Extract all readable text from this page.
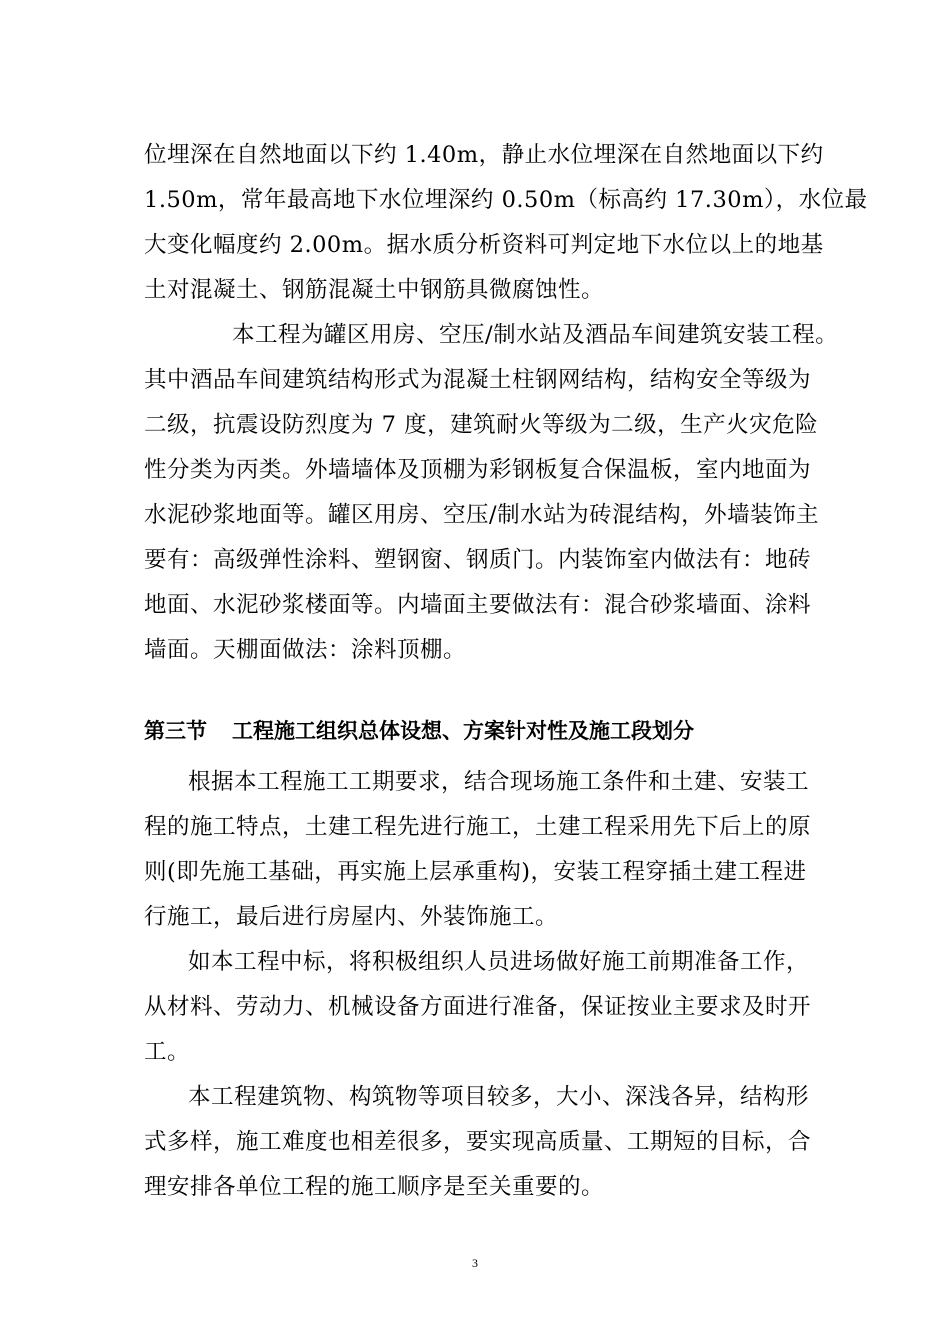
位埋深在自然地面以下约 1.40m，静止水位埋深在自然地面以下约
1.50m，常年最高地下水位埋深约 0.50m（标高约 17.30m），水位最
大变化幅度约 2.00m。据水质分析资料可判定地下水位以上的地基
土对混凝土、钢筋混凝土中钢筋具微腐蚀性。

本工程为罐区用房、空压/制水站及酒品车间建筑安装工程。
其中酒品车间建筑结构形式为混凝土柱钢网结构，结构安全等级为
二级，抗震设防烈度为 7 度，建筑耐火等级为二级，生产火灾危险
性分类为丙类。外墙墙体及顶棚为彩钢板复合保温板，室内地面为
水泥砂浆地面等。罐区用房、空压/制水站为砖混结构，外墙装饰主
要有：高级弹性涂料、塑钢窗、钢质门。内装饰室内做法有：地砖
地面、水泥砂浆楼面等。内墙面主要做法有：混合砂浆墙面、涂料
墙面。天棚面做法：涂料顶棚。

第三节 工程施工组织总体设想、方案针对性及施工段划分

根据本工程施工工期要求，结合现场施工条件和土建、安装工
程的施工特点，土建工程先进行施工，土建工程采用先下后上的原
则(即先施工基础，再实施上层承重构)，安装工程穿插土建工程进
行施工，最后进行房屋内、外装饰施工。

如本工程中标，将积极组织人员进场做好施工前期准备工作，
从材料、劳动力、机械设备方面进行准备，保证按业主要求及时开
工。

本工程建筑物、构筑物等项目较多，大小、深浅各异，结构形
式多样，施工难度也相差很多，要实现高质量、工期短的目标，合
理安排各单位工程的施工顺序是至关重要的。

3
